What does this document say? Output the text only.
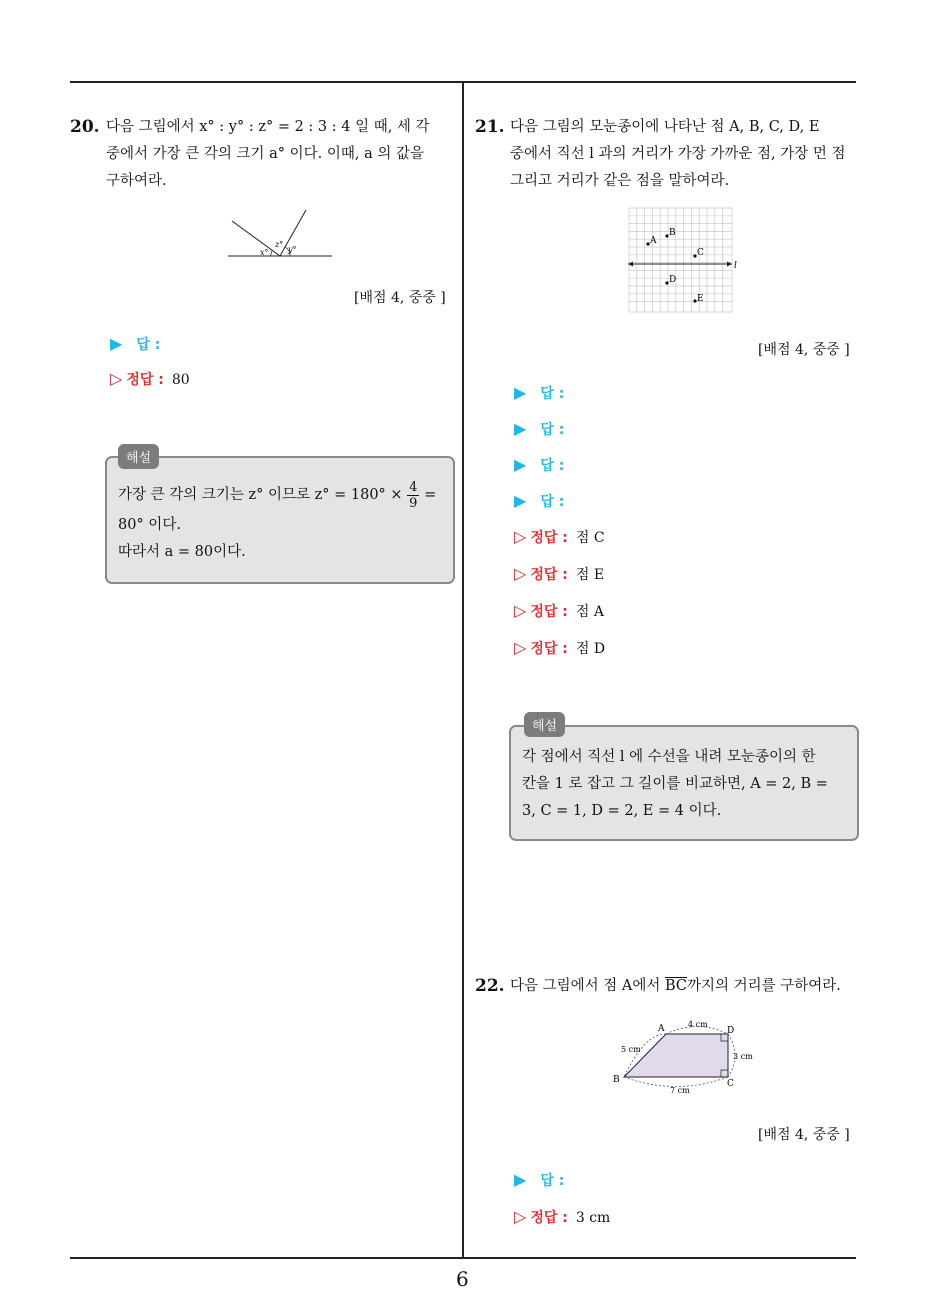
20. 다음 그림에서 x° : y° : z° = 2 : 3 : 4 일 때, 세 각
중에서 가장 큰 각의 크기 a° 이다. 이때, a 의 값을
구하여라.
x°
z°
y°
[배점 4, 중중 ]
▶ 답 :
▷ 정답 : 80
해설
가장 큰 각의 크기는 z° 이므로 $z^\circ = 180^\circ \times \frac{4}{9}$ =
80° 이다.
따라서 a = 80이다.
21. 다음 그림의 모눈종이에 나타난 점 A, B, C, D, E
중에서 직선 l 과의 거리가 가장 가까운 점, 가장 먼 점
그리고 거리가 같은 점을 말하여라.
A
B
C
D
E
l
[배점 4, 중중 ]
▶ 답 :
▶ 답 :
▶ 답 :
▶ 답 :
▷ 정답 : 점 C
▷ 정답 : 점 E
▷ 정답 : 점 A
▷ 정답 : 점 D
해설
각 점에서 직선 l 에 수선을 내려 모눈종이의 한
칸을 1 로 잡고 그 길이를 비교하면, A = 2, B =
3, C = 1, D = 2, E = 4 이다.
22. 다음 그림에서 점 A에서 $\overline{BC}$까지의 거리를 구하여라.
A	D
B	C
4 cm
5 cm
3 cm
7 cm
[배점 4, 중중 ]
▶ 답 :
▷ 정답 : 3 cm
6
